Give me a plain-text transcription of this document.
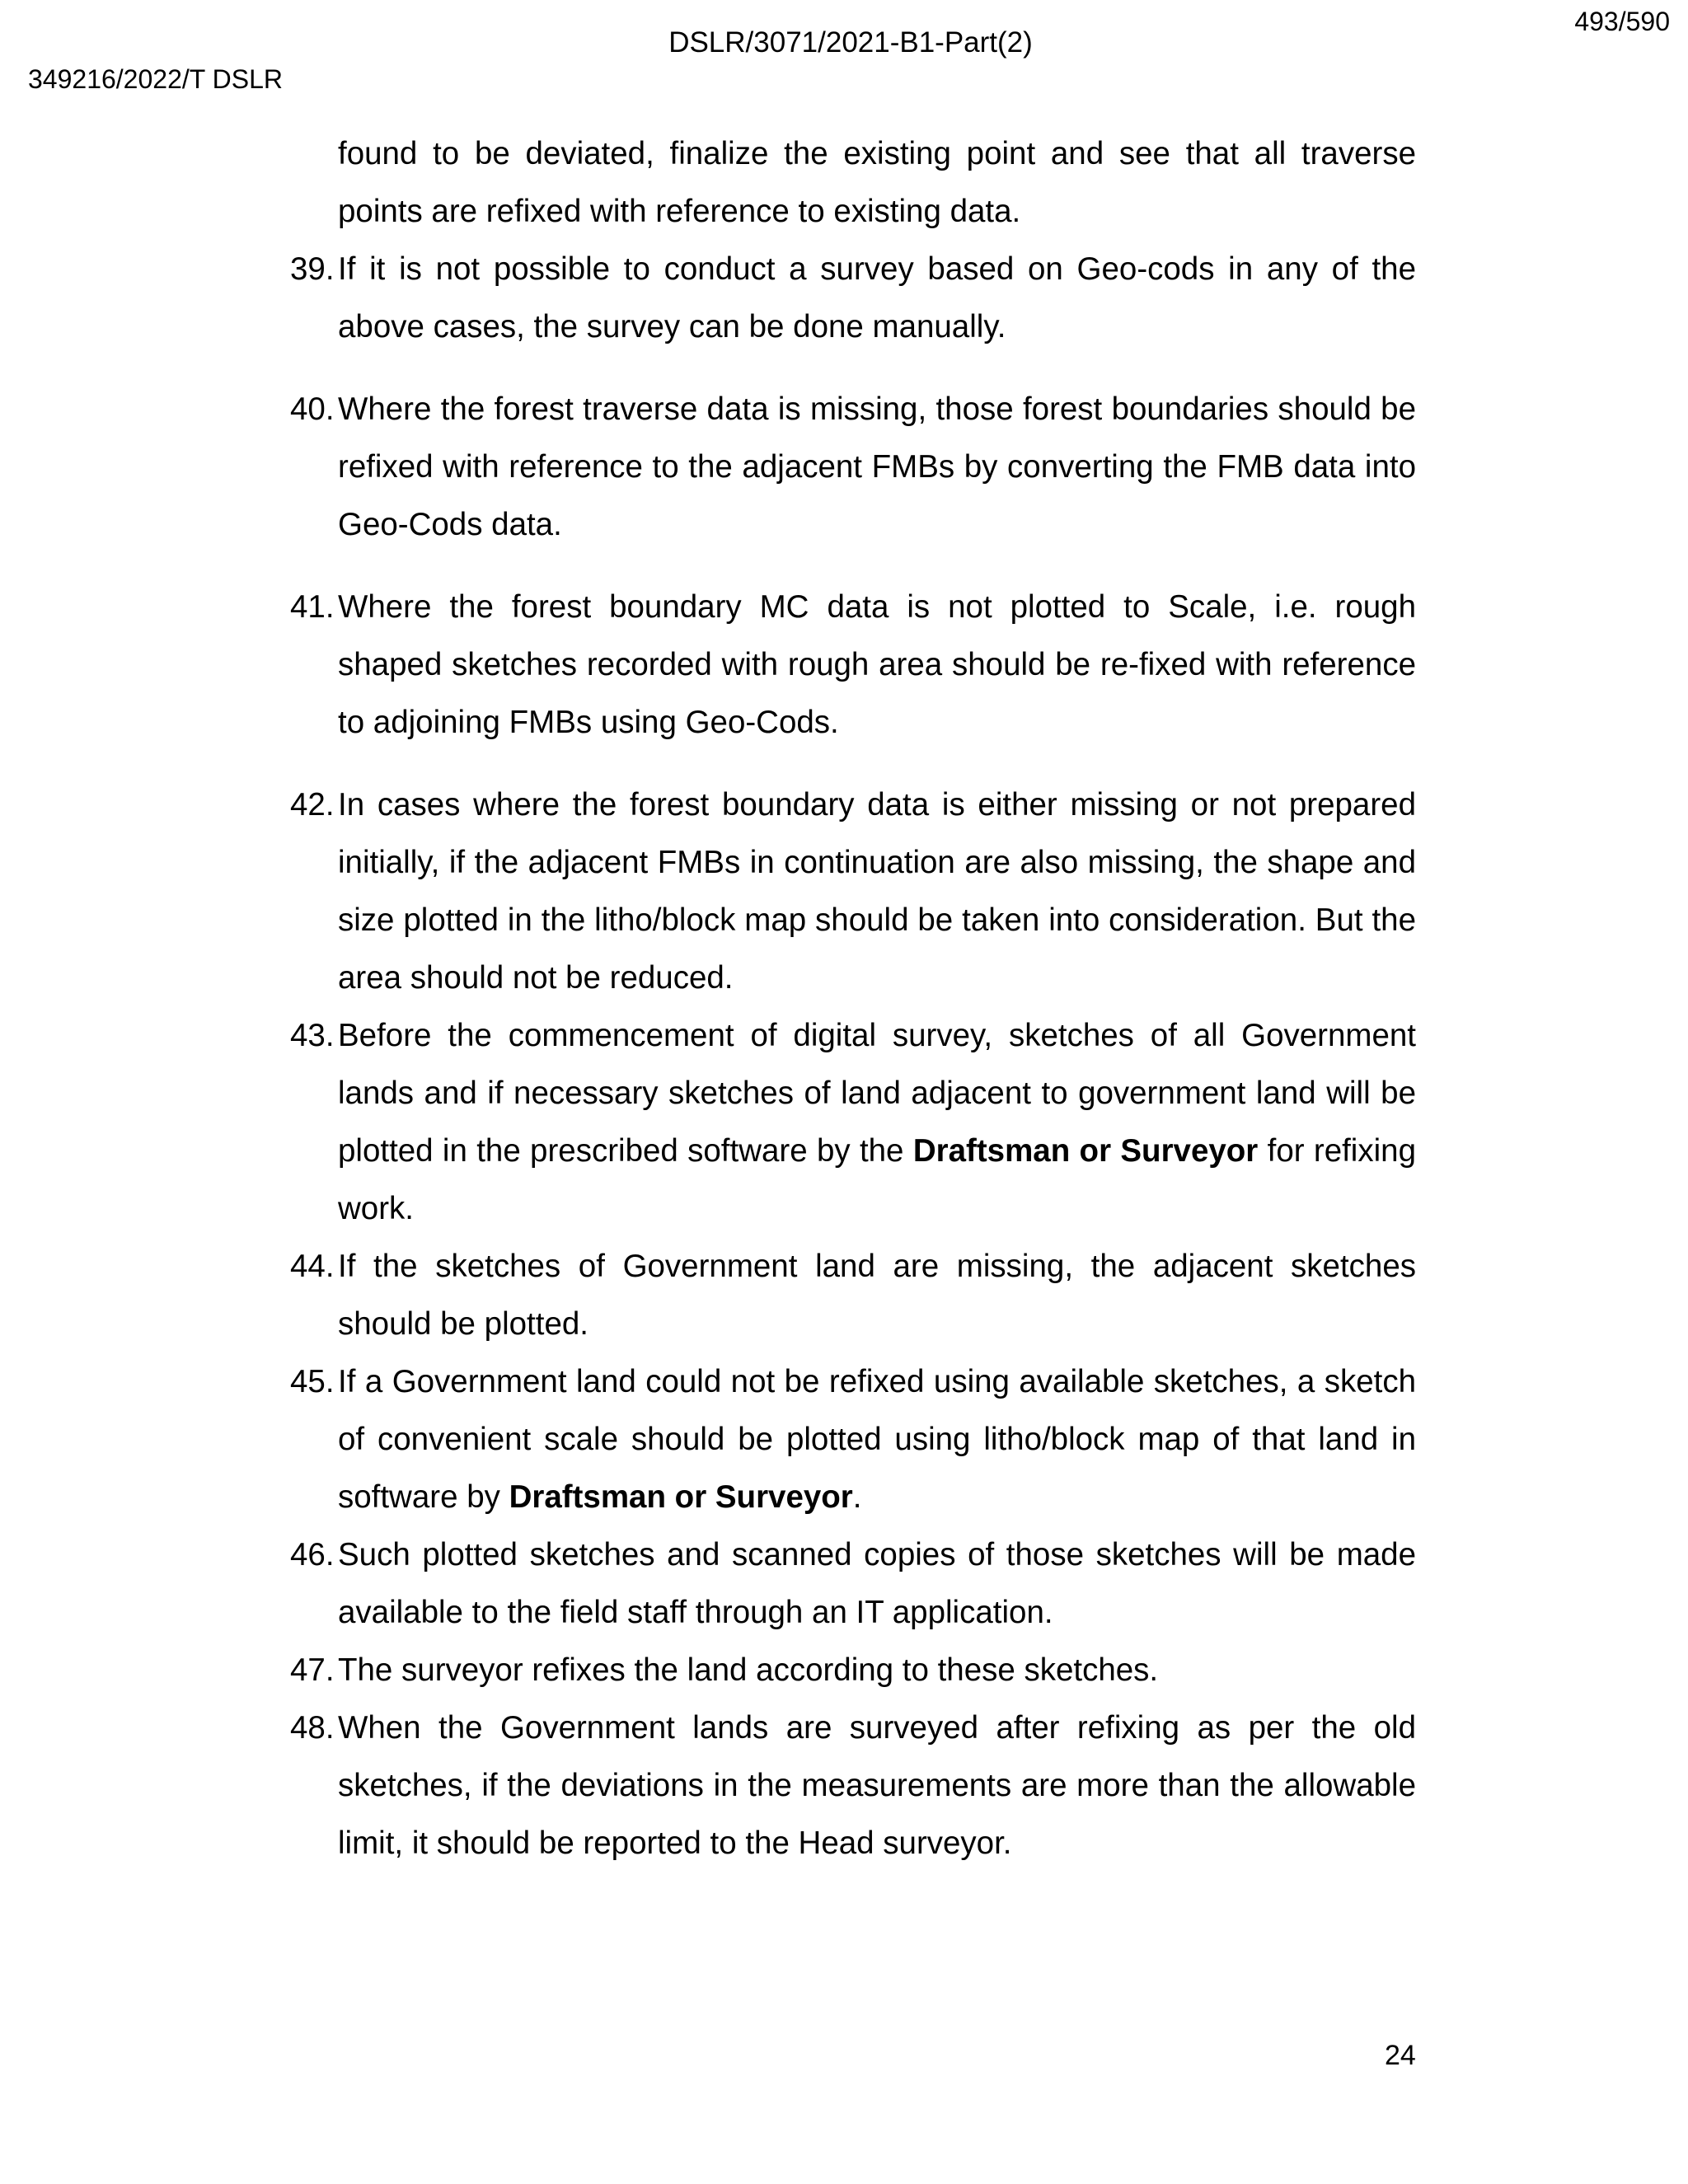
493/590
DSLR/3071/2021-B1-Part(2)
349216/2022/T DSLR
found to be deviated, finalize the existing point and see that all traverse points are refixed with reference to existing data.
39. If it is not possible to conduct a survey based on Geo-cods in any of the above cases, the survey can be done manually.
40. Where the forest traverse data is missing, those forest boundaries should be refixed with reference to the adjacent FMBs by converting the FMB data into Geo-Cods data.
41. Where the forest boundary MC data is not plotted to Scale, i.e. rough shaped sketches recorded with rough area should be re-fixed with reference to adjoining FMBs using Geo-Cods.
42. In cases where the forest boundary data is either missing or not prepared initially, if the adjacent FMBs in continuation are also missing, the shape and size plotted in the litho/block map should be taken into consideration. But the area should not be reduced.
43. Before the commencement of digital survey, sketches of all Government lands and if necessary sketches of land adjacent to government land will be plotted in the prescribed software by the Draftsman or Surveyor for refixing work.
44. If the sketches of Government land are missing, the adjacent sketches should be plotted.
45. If a Government land could not be refixed using available sketches, a sketch of convenient scale should be plotted using litho/block map of that land in software by Draftsman or Surveyor.
46. Such plotted sketches and scanned copies of those sketches will be made available to the field staff through an IT application.
47. The surveyor refixes the land according to these sketches.
48. When the Government lands are surveyed after refixing as per the old sketches, if the deviations in the measurements are more than the allowable limit, it should be reported to the Head surveyor.
24
